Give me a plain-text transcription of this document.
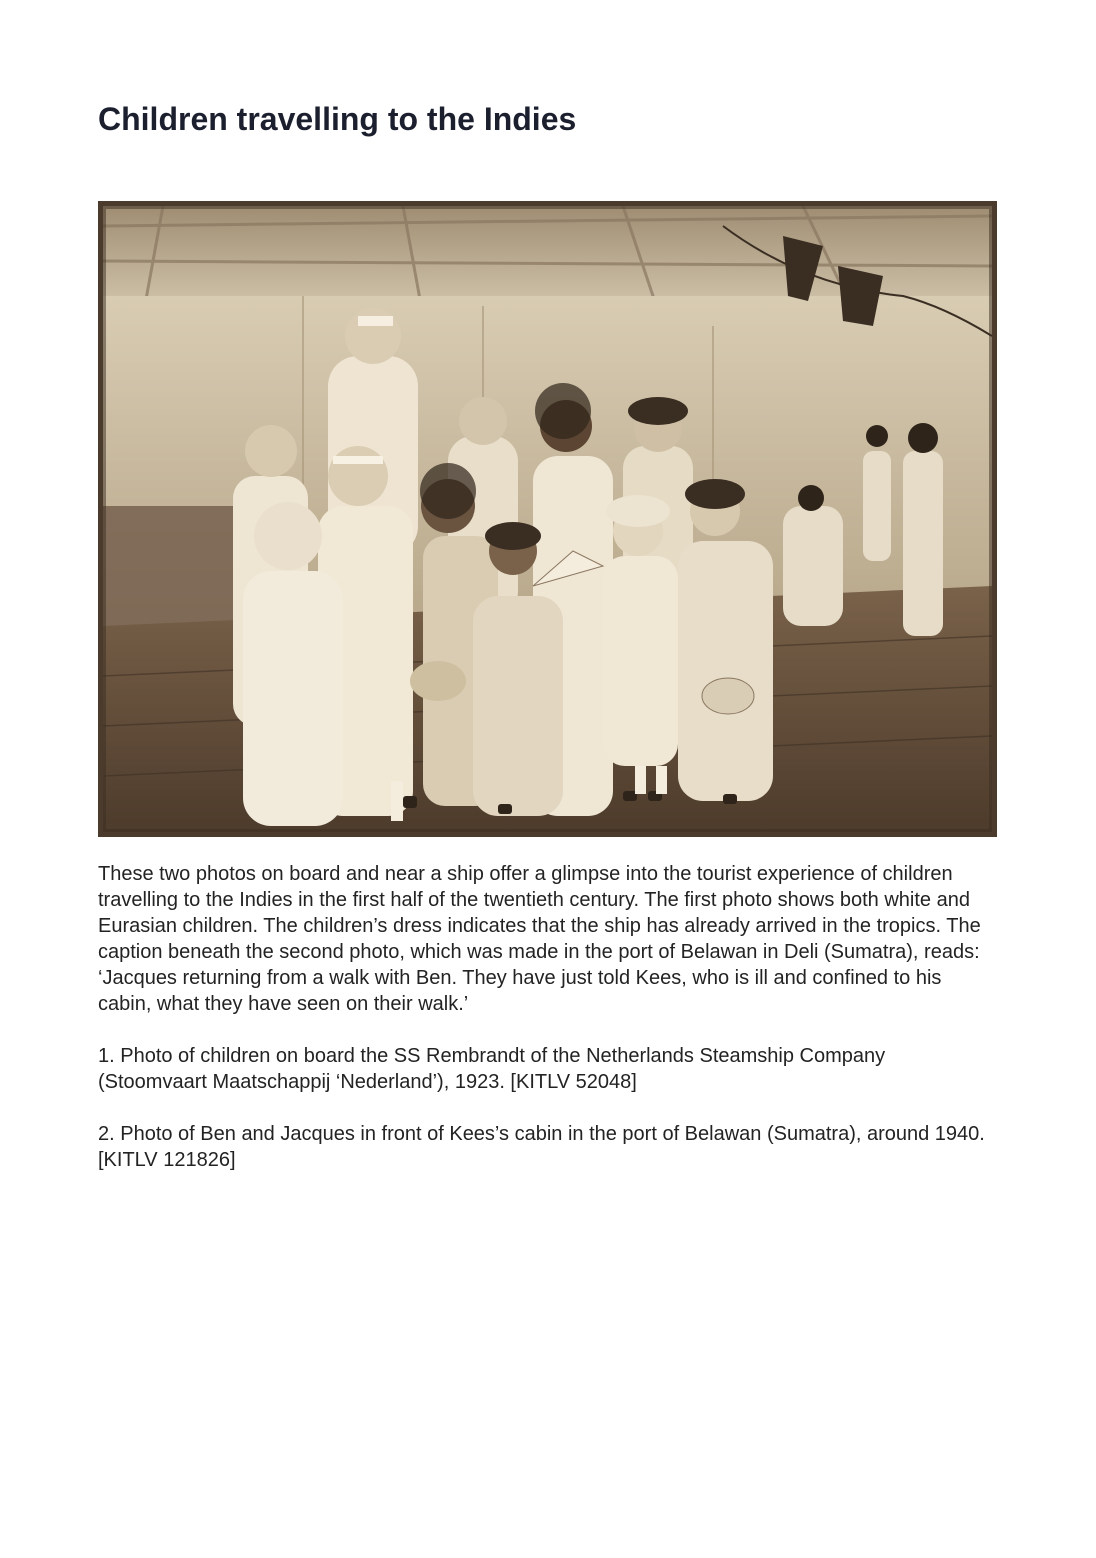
Children travelling to the Indies

These two photos on board and near a ship offer a glimpse into the tourist experience of children travelling to the Indies in the first half of the twentieth century. The first photo shows both white and Eurasian children. The children’s dress indicates that the ship has already arrived in the tropics. The caption beneath the second photo, which was made in the port of Belawan in Deli (Sumatra), reads: ‘Jacques returning from a walk with Ben. They have just told Kees, who is ill and confined to his cabin, what they have seen on their walk.’

1. Photo of children on board the SS Rembrandt of the Netherlands Steamship Company (Stoomvaart Maatschappij ‘Nederland’), 1923. [KITLV 52048]

2. Photo of Ben and Jacques in front of Kees’s cabin in the port of Belawan (Sumatra), around 1940. [KITLV 121826]
